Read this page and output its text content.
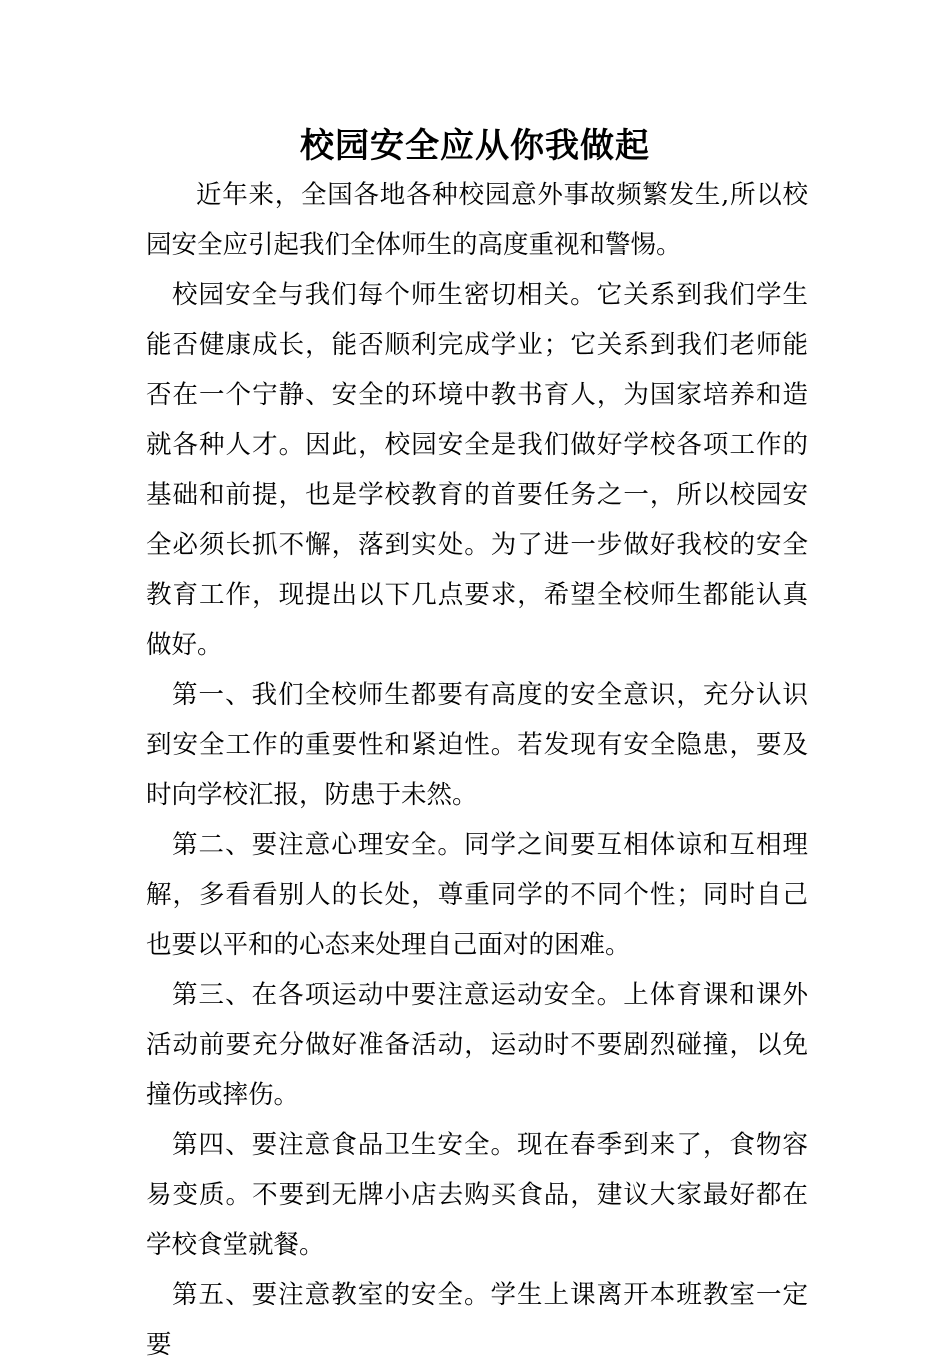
校园安全应从你我做起

近年来，全国各地各种校园意外事故频繁发生,所以校园安全应引起我们全体师生的高度重视和警惕。

校园安全与我们每个师生密切相关。它关系到我们学生能否健康成长，能否顺利完成学业；它关系到我们老师能否在一个宁静、安全的环境中教书育人，为国家培养和造就各种人才。因此，校园安全是我们做好学校各项工作的基础和前提，也是学校教育的首要任务之一，所以校园安全必须长抓不懈，落到实处。为了进一步做好我校的安全教育工作，现提出以下几点要求，希望全校师生都能认真做好。

第一、我们全校师生都要有高度的安全意识，充分认识到安全工作的重要性和紧迫性。若发现有安全隐患，要及时向学校汇报，防患于未然。

第二、要注意心理安全。同学之间要互相体谅和互相理解，多看看别人的长处，尊重同学的不同个性；同时自己也要以平和的心态来处理自己面对的困难。

第三、在各项运动中要注意运动安全。上体育课和课外活动前要充分做好准备活动，运动时不要剧烈碰撞，以免撞伤或摔伤。

第四、要注意食品卫生安全。现在春季到来了，食物容易变质。不要到无牌小店去购买食品，建议大家最好都在学校食堂就餐。

第五、要注意教室的安全。学生上课离开本班教室一定要
